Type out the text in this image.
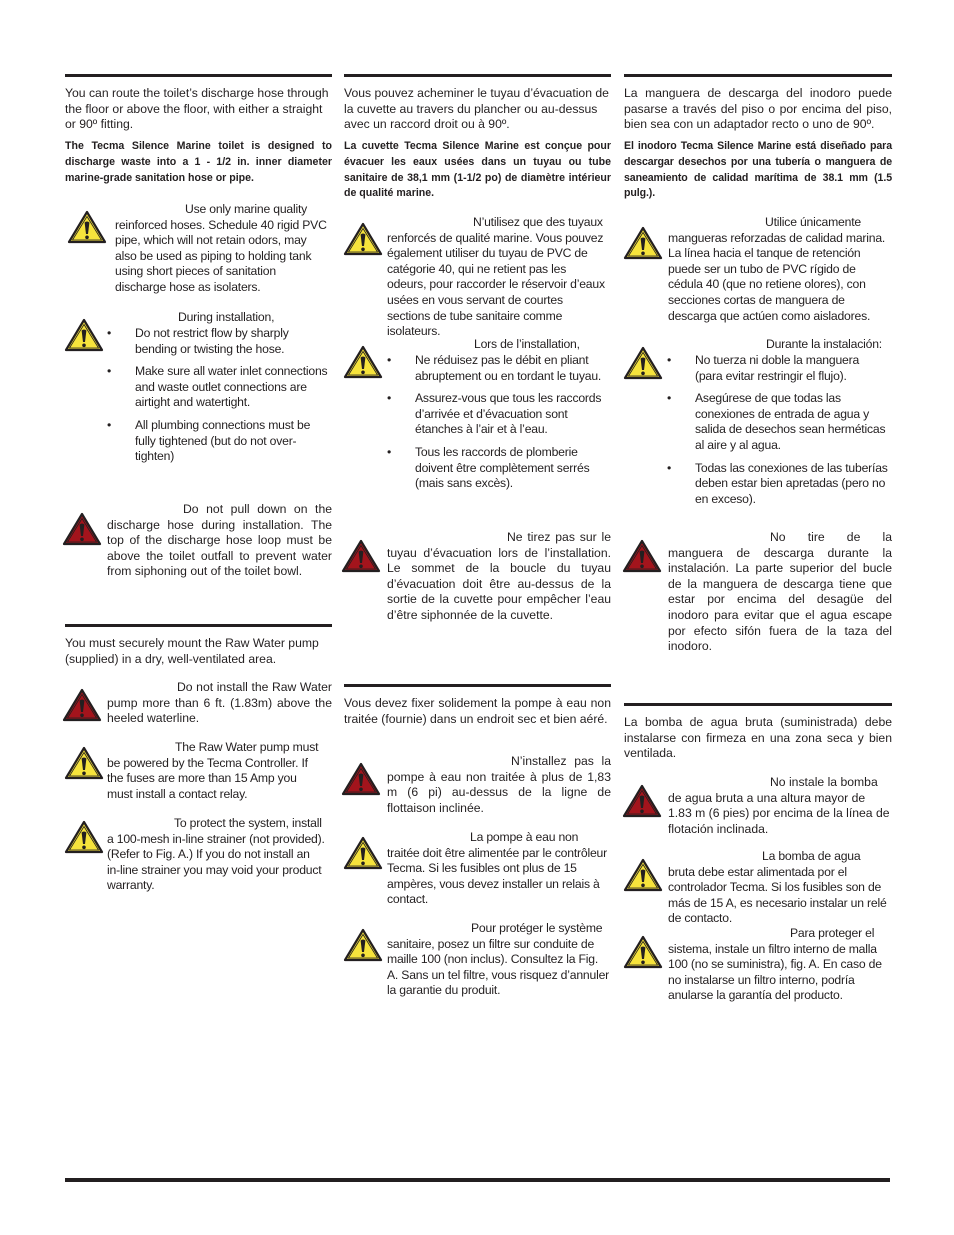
You can route the toilet’s discharge hose through the floor or above the floor, with either a straight or 90º fitting.

The Tecma Silence Marine toilet is designed to discharge waste into a 1 - 1/2 in. inner diameter marine-grade sanitation hose or pipe.

Use only marine quality reinforced hoses. Schedule 40 rigid PVC pipe, which will not retain odors, may also be used as piping to holding tank using short pieces of sanitation discharge hose as isolaters.

During installation,

• Do not restrict flow by sharply bending or twisting the hose.
• Make sure all water inlet connections and waste outlet connections are airtight and watertight.
• All plumbing connections must be fully tightened (but do not over-tighten)

Do not pull down on the discharge hose during installation. The top of the discharge hose loop must be above the toilet outfall to prevent water from siphoning out of the toilet bowl.

You must securely mount the Raw Water pump (supplied) in a dry, well-ventilated area.

Do not install the Raw Water pump more than 6 ft. (1.83m) above the heeled waterline.

The Raw Water pump must be powered by the Tecma Controller. If the fuses are more than 15 Amp you must install a contact relay.

To protect the system, install a 100-mesh in-line strainer (not provided). (Refer to Fig. A.) If you do not install an in-line strainer you may void your product warranty.

Vous pouvez acheminer le tuyau d’évacuation de la cuvette au travers du plancher ou au-dessus avec un raccord droit ou à 90º.

La cuvette Tecma Silence Marine est conçue pour évacuer les eaux usées dans un tuyau ou tube sanitaire de 38,1 mm (1-1/2 po) de diamètre intérieur de qualité marine.

N’utilisez que des tuyaux renforcés de qualité marine. Vous pouvez également utiliser du tuyau de PVC de catégorie 40, qui ne retient pas les odeurs, pour raccorder le réservoir d’eaux usées en vous servant de courtes sections de tube sanitaire comme isolateurs.

Lors de l’installation,

• Ne réduisez pas le débit en pliant abruptement ou en tordant le tuyau.
• Assurez-vous que tous les raccords d’arrivée et d’évacuation sont étanches à l’air et à l’eau.
• Tous les raccords de plomberie doivent être complètement serrés (mais sans excès).

Ne tirez pas sur le tuyau d’évacuation lors de l’installation. Le sommet de la boucle du tuyau d’évacuation doit être au-dessus de la sortie de la cuvette pour empêcher l’eau d’être siphonnée de la cuvette.

Vous devez fixer solidement la pompe à eau non traitée (fournie) dans un endroit sec et bien aéré.

N’installez pas la pompe à eau non traitée à plus de 1,83 m (6 pi) au-dessus de la ligne de flottaison inclinée.

La pompe à eau non traitée doit être alimentée par le contrôleur Tecma. Si les fusibles ont plus de 15 ampères, vous devez installer un relais à contact.

Pour protéger le système sanitaire, posez un filtre sur conduite de maille 100 (non inclus). Consultez la Fig. A. Sans un tel filtre, vous risquez d’annuler la garantie du produit.

La manguera de descarga del inodoro puede pasarse a través del piso o por encima del piso, bien sea con un adaptador recto o uno de 90º.

El inodoro Tecma Silence Marine está diseñado para descargar desechos por una tubería o manguera de saneamiento de calidad marítima de 38.1 mm (1.5 pulg.).

Utilice únicamente mangueras reforzadas de calidad marina. La línea hacia el tanque de retención puede ser un tubo de PVC rígido de cédula 40 (que no retiene olores), con secciones cortas de manguera de descarga que actúen como aisladores.

Durante la instalación:

• No tuerza ni doble la manguera (para evitar restringir el flujo).
• Asegúrese de que todas las conexiones de entrada de agua y salida de desechos sean herméticas al aire y al agua.
• Todas las conexiones de las tuberías deben estar bien apretadas (pero no en exceso).

No tire de la manguera de descarga durante la instalación. La parte superior del bucle de la manguera de descarga tiene que estar por encima del desagüe del inodoro para evitar que el agua escape por efecto sifón fuera de la taza del inodoro.

La bomba de agua bruta (suministrada) debe instalarse con firmeza en una zona seca y bien ventilada.

No instale la bomba de agua bruta a una altura mayor de 1.83 m (6 pies) por encima de la línea de flotación inclinada.

La bomba de agua bruta debe estar alimentada por el controlador Tecma. Si los fusibles son de más de 15 A, es necesario instalar un relé de contacto.

Para proteger el sistema, instale un filtro interno de malla 100 (no se suministra), fig. A. En caso de no instalarse un filtro interno, podría anularse la garantía del producto.
